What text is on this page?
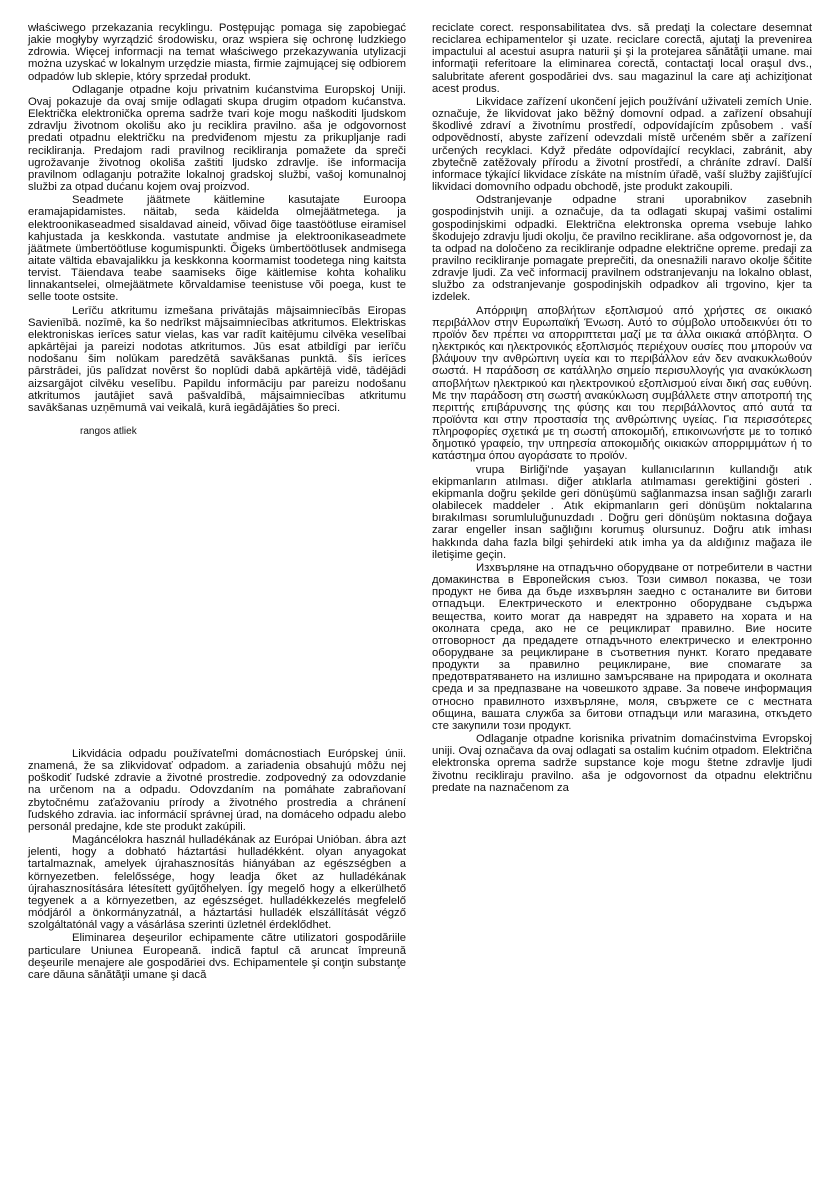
właściwego przekazania recyklingu. Postępując pomaga się zapobiegać jakie mogłyby wyrządzić środowisku, oraz wspiera się ochronę ludzkiego zdrowia. Więcej informacji na temat właściwego przekazywania utylizacji można uzyskać w lokalnym urzędzie miasta, firmie zajmującej się odbiorem odpadów lub sklepie, który sprzedał produkt.

Odlaganje otpadne koju privatnim kućanstvima Europskoj Uniji. Ovaj pokazuje da ovaj smije odlagati skupa drugim otpadom kućanstva. Električka elektronička oprema sadrže tvari koje mogu naškoditi ljudskom zdravlju životnom okolišu ako ju reciklira pravilno. aša je odgovornost predati otpadnu električku na predviđenom mjestu za prikupljanje radi recikliranja. Predajom radi pravilnog recikliranja pomažete da spreči ugrožavanje životnog okoliša zaštiti ljudsko zdravlje. iše informacija pravilnom odlaganju potražite lokalnoj gradskoj službi, vašoj komunalnoj službi za otpad dućanu kojem ovaj proizvod.

Seadmete jäätmete käitlemine kasutajate Euroopa eramajapidamistes. näitab, seda käidelda olmejäätmetega. ja elektroonikaseadmed sisaldavad aineid, võivad õige taastöötluse eiramisel kahjustada ja keskkonda. vastutate andmise ja elektroonikaseadmete jäätmete ümbertöötluse kogumispunkti. Õigeks ümbertöötlusek andmisega aitate vältida ebavajalikku ja keskkonna koormamist toodetega ning kaitsta tervist. Täiendava teabe saamiseks õige käitlemise kohta kohaliku linnakantselei, olmejäätmete kõrvaldamise teenistuse või poega, kust te selle toote ostsite.

Lerīču atkritumu izmešana privātajās mājsaimniecībās Eiropas Savienībā. nozīmē, ka šo nedrīkst mājsaimniecības atkritumos. Elektriskas elektroniskas ierīces satur vielas, kas var radīt kaitējumu cilvēka veselībai apkārtējai ja pareizi nodotas atkritumos. Jūs esat atbildīgi par ierīču nodošanu šim nolūkam paredzētā savākšanas punktā. šīs ierīces pārstrādei, jūs palīdzat novērst šo noplūdi dabā apkārtējā vidē, tādējādi aizsargājot cilvēku veselību. Papildu informāciju par pareizu nodošanu atkritumos jautājiet savā pašvaldībā, mājsaimniecības atkritumu savākšanas uzņēmumā vai veikalā, kurā iegādājāties šo preci.

rangos atliek

Likvidácia odpadu používateľmi domácnostiach Európskej únii. znamená, že sa zlikvidovať odpadom. a zariadenia obsahujú môžu nej poškodiť ľudské zdravie a životné prostredie. zodpovedný za odovzdanie na určenom na a odpadu. Odovzdaním na pomáhate zabraňovaní zbytočnému zaťažovaniu prírody a životného prostredia a chránení ľudského zdravia. iac informácií správnej úrad, na domáceho odpadu alebo personál predajne, kde ste produkt zakúpili.

Magáncélokra használ hulladékának az Európai Unióban. ábra azt jelenti, hogy a dobható háztartási hulladékként. olyan anyagokat tartalmaznak, amelyek újrahasznosítás hiányában az egészségben a környezetben. felelőssége, hogy leadja őket az hulladékának újrahasznosítására létesített gyűjtőhelyen. Így megelő hogy a elkerülhető tegyenek a a környezetben, az egészséget. hulladékkezelés megfelelő módjáról a önkormányzatnál, a háztartási hulladék elszállítását végző szolgáltatónál vagy a vásárlása szerinti üzletnél érdeklődhet.

Eliminarea deşeurilor echipamente către utilizatori gospodăriile particulare Uniunea Europeană. indică faptul că aruncat împreună deşeurile menajere ale gospodăriei dvs. Echipamentele şi conţin substanţe care dăuna sănătăţii umane şi dacă

reciclate corect. responsabilitatea dvs. să predaţi la colectare desemnat reciclarea echipamentelor şi uzate. reciclare corectă, ajutaţi la prevenirea impactului al acestui asupra naturii şi şi la protejarea sănătăţii umane. mai informaţii referitoare la eliminarea corectă, contactaţi local oraşul dvs., salubritate aferent gospodăriei dvs. sau magazinul la care aţi achiziţionat acest produs.

Likvidace zařízení ukončení jejich používání uživateli zemích Unie. označuje, že likvidovat jako běžný domovní odpad. a zařízení obsahují škodlivé zdraví a životnímu prostředí, odpovídajícím způsobem . vaší odpovědností, abyste zařízení odevzdali místě určeném sběr a zařízení určených recyklaci. Když předáte odpovídající recyklaci, zabránit, aby zbytečně zatěžovaly přírodu a životní prostředí, a chráníte zdraví. Další informace týkající likvidace získáte na místním úřadě, vaší služby zajišťující likvidaci domovního odpadu obchodě, jste produkt zakoupili.

Odstranjevanje odpadne strani uporabnikov zasebnih gospodinjstvih uniji. a označuje, da ta odlagati skupaj vašimi ostalimi gospodinjskimi odpadki. Električna elektronska oprema vsebuje lahko škodujejo zdravju ljudi okolju, če pravilno reciklirane. aša odgovornost je, da ta odpad na določeno za recikliranje odpadne električne opreme. predaji za pravilno recikliranje pomagate preprečiti, da onesnažili naravo okolje ščitite zdravje ljudi. Za več informacij pravilnem odstranjevanju na lokalno oblast, službo za odstranjevanje gospodinjskih odpadkov ali trgovino, kjer ta izdelek.

Απόρριψη αποβλήτων εξοπλισμού από χρήστες σε οικιακό περιβάλλον στην Ευρωπαϊκή Ένωση. Αυτό το σύμβολο υποδεικνύει ότι το προϊόν δεν πρέπει να απορριπτεται μαζί με τα άλλα οικιακά απόβλητα. Ο ηλεκτρικός και ηλεκτρονικός εξοπλισμός περιέχουν ουσίες που μπορούν να βλάψουν την ανθρώπινη υγεία και το περιβάλλον εάν δεν ανακυκλωθούν σωστά. Η παράδοση σε κατάλληλο σημείο περισυλλογής για ανακύκλωση αποβλήτων ηλεκτρικού και ηλεκτρονικού εξοπλισμού είναι δική σας ευθύνη. Με την παράδοση στη σωστή ανακύκλωση συμβάλλετε στην αποτροπή της περιττής επιβάρυνσης της φύσης και του περιβάλλοντος από αυτά τα προϊόντα και στην προστασία της ανθρώπινης υγείας. Για περισσότερες πληροφορίες σχετικά με τη σωστή αποκομιδή, επικοινωνήστε με το τοπικό δημοτικό γραφείο, την υπηρεσία αποκομιδής οικιακών απορριμμάτων ή το κατάστημα όπου αγοράσατε το προϊόν.

vrupa Birliği'nde yaşayan kullanıcılarının kullandığı atık ekipmanların atılması. diğer atıklarla atılmaması gerektiğini gösteri . ekipmanla doğru şekilde geri dönüşümü sağlanmazsa insan sağlığı zararlı olabilecek maddeler . Atık ekipmanların geri dönüşüm noktalarına bırakılması sorumluluğunuzdadı . Doğru geri dönüşüm noktasına doğaya zarar engeller insan sağlığını korumuş olursunuz. Doğru atık imhası hakkında daha fazla bilgi şehirdeki atık imha ya da aldığınız mağaza ile iletişime geçin.

Изхвърляне на отпадъчно оборудване от потребители в частни домакинства в Европейския съюз. Този символ показва, че този продукт не бива да бъде изхвърлян заедно с останалите ви битови отпадъци. Електрическото и електронно оборудване съдържа вещества, които могат да навредят на здравето на хората и на околната среда, ако не се рециклират правилно. Вие носите отговорност да предадете отпадъчното електрическо и електронно оборудване за рециклиране в съответния пункт. Когато предавате продукти за правилно рециклиране, вие спомагате за предотвратяването на излишно замърсяване на природата и околната среда и за предпазване на човешкото здраве. За повече информация относно правилното изхвърляне, моля, свържете се с местната община, вашата служба за битови отпадъци или магазина, откъдето сте закупили този продукт.

Odlaganje otpadne korisnika privatnim domaćinstvima Evropskoj uniji. Ovaj označava da ovaj odlagati sa ostalim kućnim otpadom. Električna elektronska oprema sadrže supstance koje mogu štetne zdravlje ljudi životnu recikliraju pravilno. aša je odgovornost da otpadnu električnu predate na naznačenom za
